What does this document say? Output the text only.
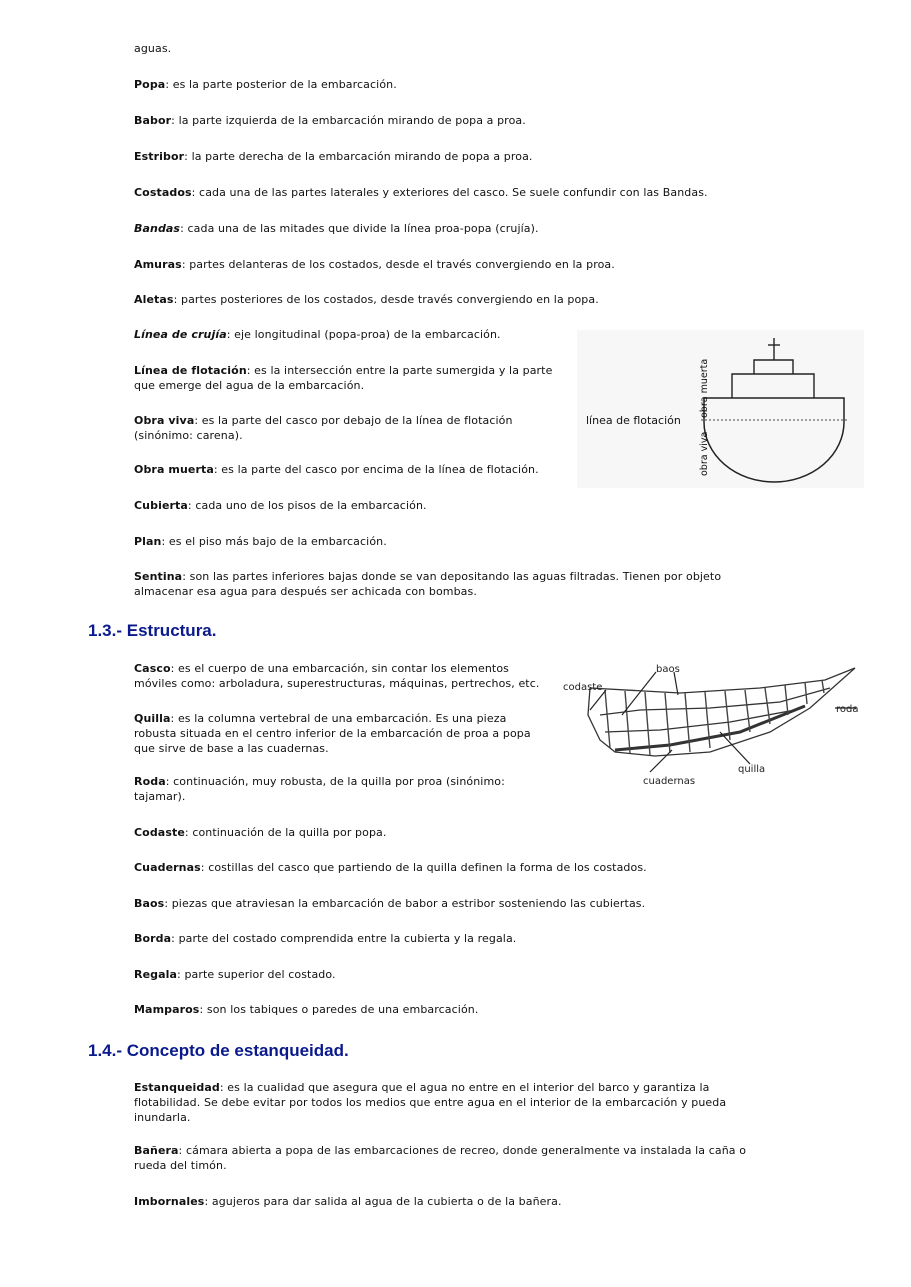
aguas.

Popa: es la parte posterior de la embarcación.

Babor: la parte izquierda de la embarcación mirando de popa a proa.

Estribor: la parte derecha de la embarcación mirando de popa a proa.

Costados: cada una de las partes laterales y exteriores del casco. Se suele confundir con las Bandas.

Bandas: cada una de las mitades que divide la línea proa-popa (crujía).

Amuras: partes delanteras de los costados, desde el través convergiendo en la proa.

Aletas: partes posteriores de los costados, desde través convergiendo en la popa.

Línea de crujía: eje longitudinal (popa-proa) de la embarcación.

Línea de flotación: es la intersección entre la parte sumergida y la parte que emerge del agua de la embarcación.

Obra viva: es la parte del casco por debajo de la línea de flotación (sinónimo: carena).

Obra muerta: es la parte del casco por encima de la línea de flotación.

Cubierta: cada uno de los pisos de la embarcación.

Plan: es el piso más bajo de la embarcación.

Sentina: son las partes inferiores bajas donde se van depositando las aguas filtradas. Tienen por objeto almacenar esa agua para después ser achicada con bombas.

línea de flotación
obra muerta
obra viva
1.3.- Estructura.

Casco: es el cuerpo de una embarcación, sin contar los elementos móviles como: arboladura, superestructuras, máquinas, pertrechos, etc.

Quilla: es la columna vertebral de una embarcación. Es una pieza robusta situada en el centro inferior de la embarcación de proa a popa que sirve de base a las cuadernas.

Roda: continuación, muy robusta, de la quilla por proa (sinónimo: tajamar).

Codaste: continuación de la quilla por popa.

Cuadernas: costillas del casco que partiendo de la quilla definen la forma de los costados.

Baos: piezas que atraviesan la embarcación de babor a estribor sosteniendo las cubiertas.

Borda: parte del costado comprendida entre la cubierta y la regala.

Regala: parte superior del costado.

Mamparos: son los tabiques o paredes de una embarcación.

baos
codaste
roda
quilla
cuadernas
1.4.- Concepto de estanqueidad.

Estanqueidad: es la cualidad que asegura que el agua no entre en el interior del barco y garantiza la flotabilidad. Se debe evitar por todos los medios que entre agua en el interior de la embarcación y pueda inundarla.

Bañera: cámara abierta a popa de las embarcaciones de recreo, donde generalmente va instalada la caña o rueda del timón.

Imbornales: agujeros para dar salida al agua de la cubierta o de la bañera.
